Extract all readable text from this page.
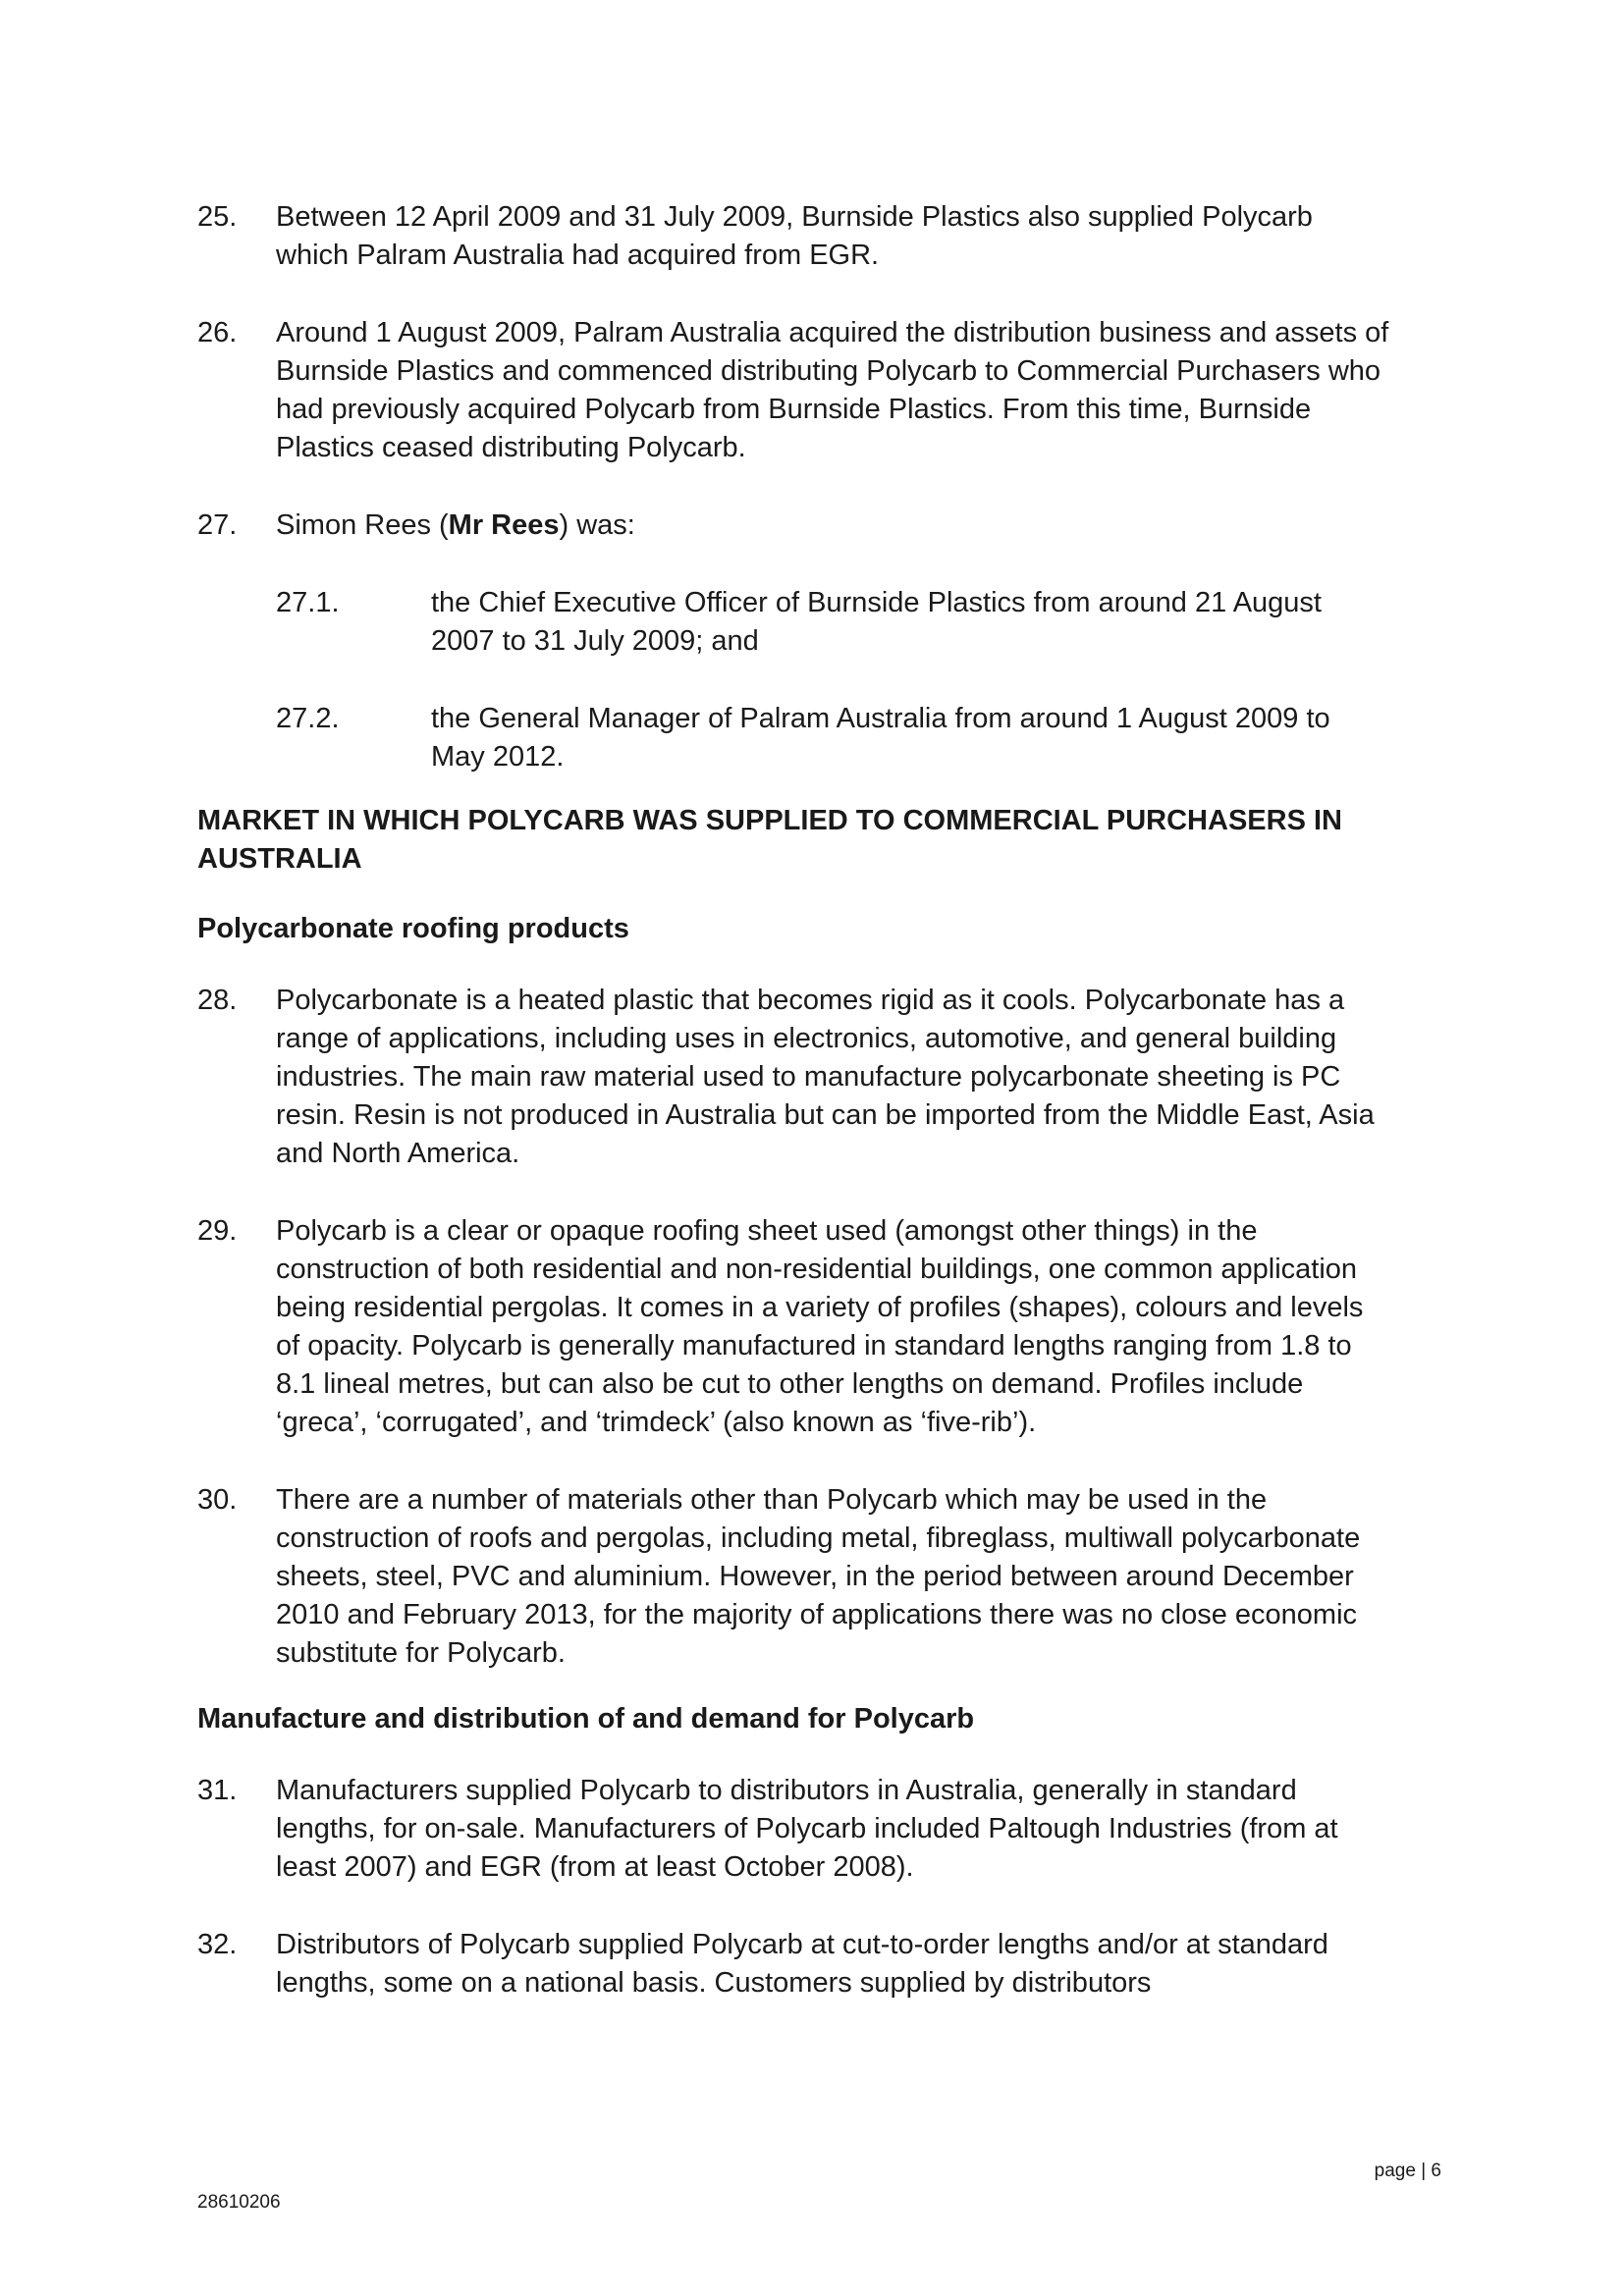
25. Between 12 April 2009 and 31 July 2009, Burnside Plastics also supplied Polycarb which Palram Australia had acquired from EGR.
26. Around 1 August 2009, Palram Australia acquired the distribution business and assets of Burnside Plastics and commenced distributing Polycarb to Commercial Purchasers who had previously acquired Polycarb from Burnside Plastics. From this time, Burnside Plastics ceased distributing Polycarb.
27. Simon Rees (Mr Rees) was:
27.1.	the Chief Executive Officer of Burnside Plastics from around 21 August 2007 to 31 July 2009; and
27.2.	the General Manager of Palram Australia from around 1 August 2009 to May 2012.
MARKET IN WHICH POLYCARB WAS SUPPLIED TO COMMERCIAL PURCHASERS IN AUSTRALIA
Polycarbonate roofing products
28. Polycarbonate is a heated plastic that becomes rigid as it cools. Polycarbonate has a range of applications, including uses in electronics, automotive, and general building industries. The main raw material used to manufacture polycarbonate sheeting is PC resin. Resin is not produced in Australia but can be imported from the Middle East, Asia and North America.
29. Polycarb is a clear or opaque roofing sheet used (amongst other things) in the construction of both residential and non-residential buildings, one common application being residential pergolas. It comes in a variety of profiles (shapes), colours and levels of opacity. Polycarb is generally manufactured in standard lengths ranging from 1.8 to 8.1 lineal metres, but can also be cut to other lengths on demand. Profiles include ‘greca’, ‘corrugated’, and ‘trimdeck’ (also known as ‘five-rib’).
30. There are a number of materials other than Polycarb which may be used in the construction of roofs and pergolas, including metal, fibreglass, multiwall polycarbonate sheets, steel, PVC and aluminium. However, in the period between around December 2010 and February 2013, for the majority of applications there was no close economic substitute for Polycarb.
Manufacture and distribution of and demand for Polycarb
31. Manufacturers supplied Polycarb to distributors in Australia, generally in standard lengths, for on-sale. Manufacturers of Polycarb included Paltough Industries (from at least 2007) and EGR (from at least October 2008).
32. Distributors of Polycarb supplied Polycarb at cut-to-order lengths and/or at standard lengths, some on a national basis. Customers supplied by distributors
page | 6
28610206
